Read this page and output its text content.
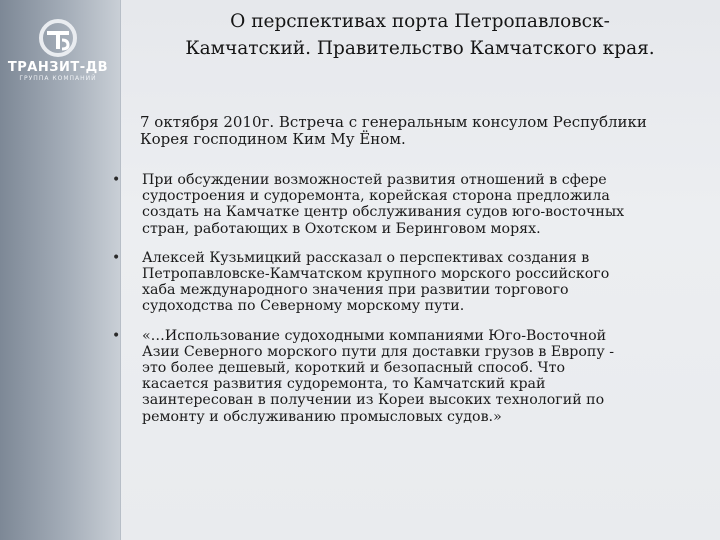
ТРАНЗИТ-ДВ
ГРУППА КОМПАНИЙ
О перспективах порта Петропавловск-
Камчатский. Правительство Камчатского края.
7 октября 2010г. Встреча с генеральным консулом Республики
Корея господином Ким Му Ёном.
• При обсуждении возможностей развития отношений в сфере
судостроения и судоремонта, корейская сторона предложила
создать на Камчатке центр обслуживания судов юго-восточных
стран, работающих в Охотском и Беринговом морях.
• Алексей Кузьмицкий рассказал о перспективах создания в
Петропавловске-Камчатском крупного морского российского
хаба международного значения при развитии торгового
судоходства по Северному морскому пути.
• «…Использование судоходными компаниями Юго-Восточной
Азии Северного морского пути для доставки грузов в Европу -
это более дешевый, короткий и безопасный способ. Что
касается развития судоремонта, то Камчатский край
заинтересован в получении из Кореи высоких технологий по
ремонту и обслуживанию промысловых судов.»
